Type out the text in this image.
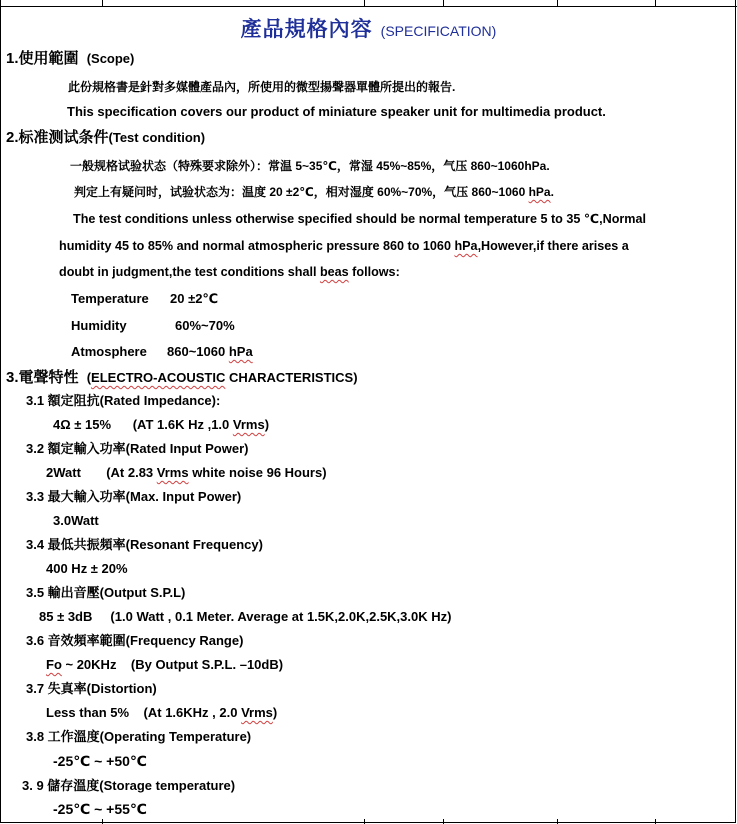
產品規格內容 (SPECIFICATION)
1.使用範圍 (Scope)
此份規格書是針對多媒體產品內，所使用的微型揚聲器單體所提出的報告.
This specification covers our product of miniature speaker unit for multimedia product.
2.标准测试条件(Test condition)
一般规格试验状态（特殊要求除外）：常温 5~35℃，常湿 45%~85%，气压 860~1060hPa.
判定上有疑问时，试验状态为：温度 20 ±2℃，相对湿度 60%~70%，气压 860~1060 hPa.
The test conditions unless otherwise specified should be normal temperature 5 to 35 ℃,Normal
humidity 45 to 85% and normal atmospheric pressure 860 to 1060 hPa,However,if there arises a
doubt in judgment,the test conditions shall beas follows:
Temperature 20 ±2℃
Humidity	60%~70%
Atmosphere 860~1060 hPa
3.電聲特性 (ELECTRO-ACOUSTIC CHARACTERISTICS)
3.1 額定阻抗(Rated Impedance):
4Ω ± 15%      (AT 1.6K Hz ,1.0 Vrms)
3.2 額定輸入功率(Rated Input Power)
2Watt       (At 2.83 Vrms white noise 96 Hours)
3.3 最大輸入功率(Max. Input Power)
3.0Watt
3.4 最低共振頻率(Resonant Frequency)
400 Hz ± 20%
3.5 輸出音壓(Output S.P.L)
85 ± 3dB     (1.0 Watt , 0.1 Meter. Average at 1.5K,2.0K,2.5K,3.0K Hz)
3.6 音效頻率範圍(Frequency Range)
Fo ~ 20KHz    (By Output S.P.L. –10dB)
3.7 失真率(Distortion)
Less than 5%    (At 1.6KHz , 2.0 Vrms)
3.8 工作溫度(Operating Temperature)
-25℃ ~ +50℃
3. 9 儲存溫度(Storage temperature)
-25℃ ~ +55℃
